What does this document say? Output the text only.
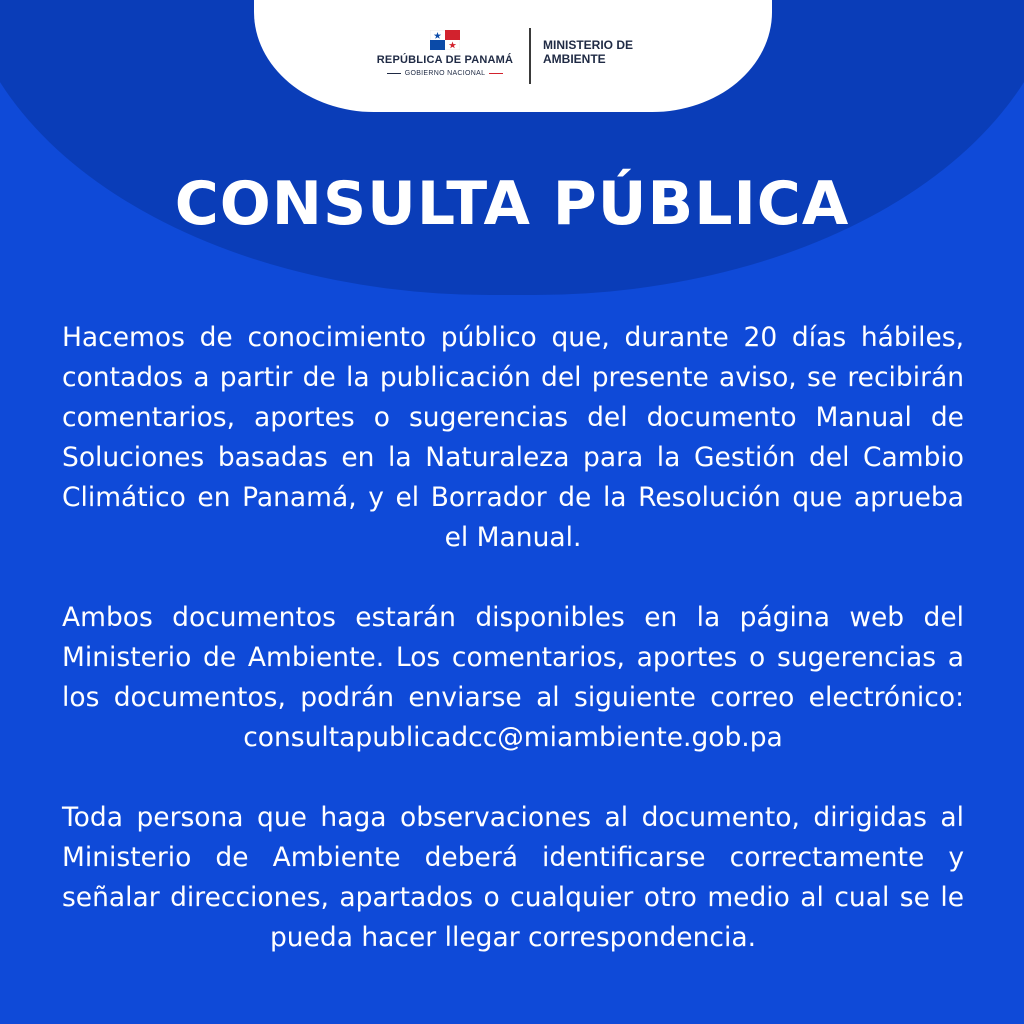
REPÚBLICA DE PANAMÁ
GOBIERNO NACIONAL
MINISTERIO DE
AMBIENTE
CONSULTA PÚBLICA

Hacemos de conocimiento público que, durante 20 días hábiles, contados a partir de la publicación del presente aviso, se recibirán comentarios, aportes o sugerencias del documento Manual de Soluciones basadas en la Naturaleza para la Gestión del Cambio Climático en Panamá, y el Borrador de la Resolución que aprueba el Manual.

Ambos documentos estarán disponibles en la página web del Ministerio de Ambiente. Los comentarios, aportes o sugerencias a los documentos, podrán enviarse al siguiente correo electrónico: consultapublicadcc@miambiente.gob.pa

Toda persona que haga observaciones al documento, dirigidas al Ministerio de Ambiente deberá identificarse correctamente y señalar direcciones, apartados o cualquier otro medio al cual se le pueda hacer llegar correspondencia.
